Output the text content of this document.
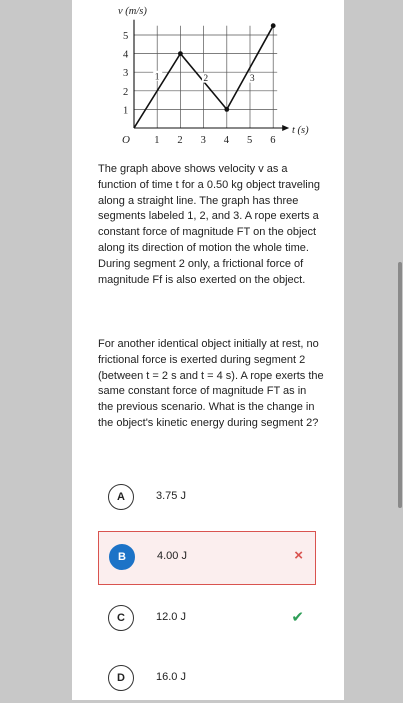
1 2 3 4 5 6
1
2
3
4
5
1	2	3
v (m/s)
t (s)
O

The graph above shows velocity v as a function of time t for a 0.50 kg object traveling along a straight line. The graph has three segments labeled 1, 2, and 3. A rope exerts a constant force of magnitude FT on the object along its direction of motion the whole time. During segment 2 only, a frictional force of magnitude Ff is also exerted on the object.

For another identical object initially at rest, no frictional force is exerted during segment 2 (between t = 2 s and t = 4 s). A rope exerts the same constant force of magnitude FT as in the previous scenario. What is the change in the object's kinetic energy during segment 2?

A	3.75 J
B	4.00 J	×
C	12.0 J	✔
D	16.0 J
